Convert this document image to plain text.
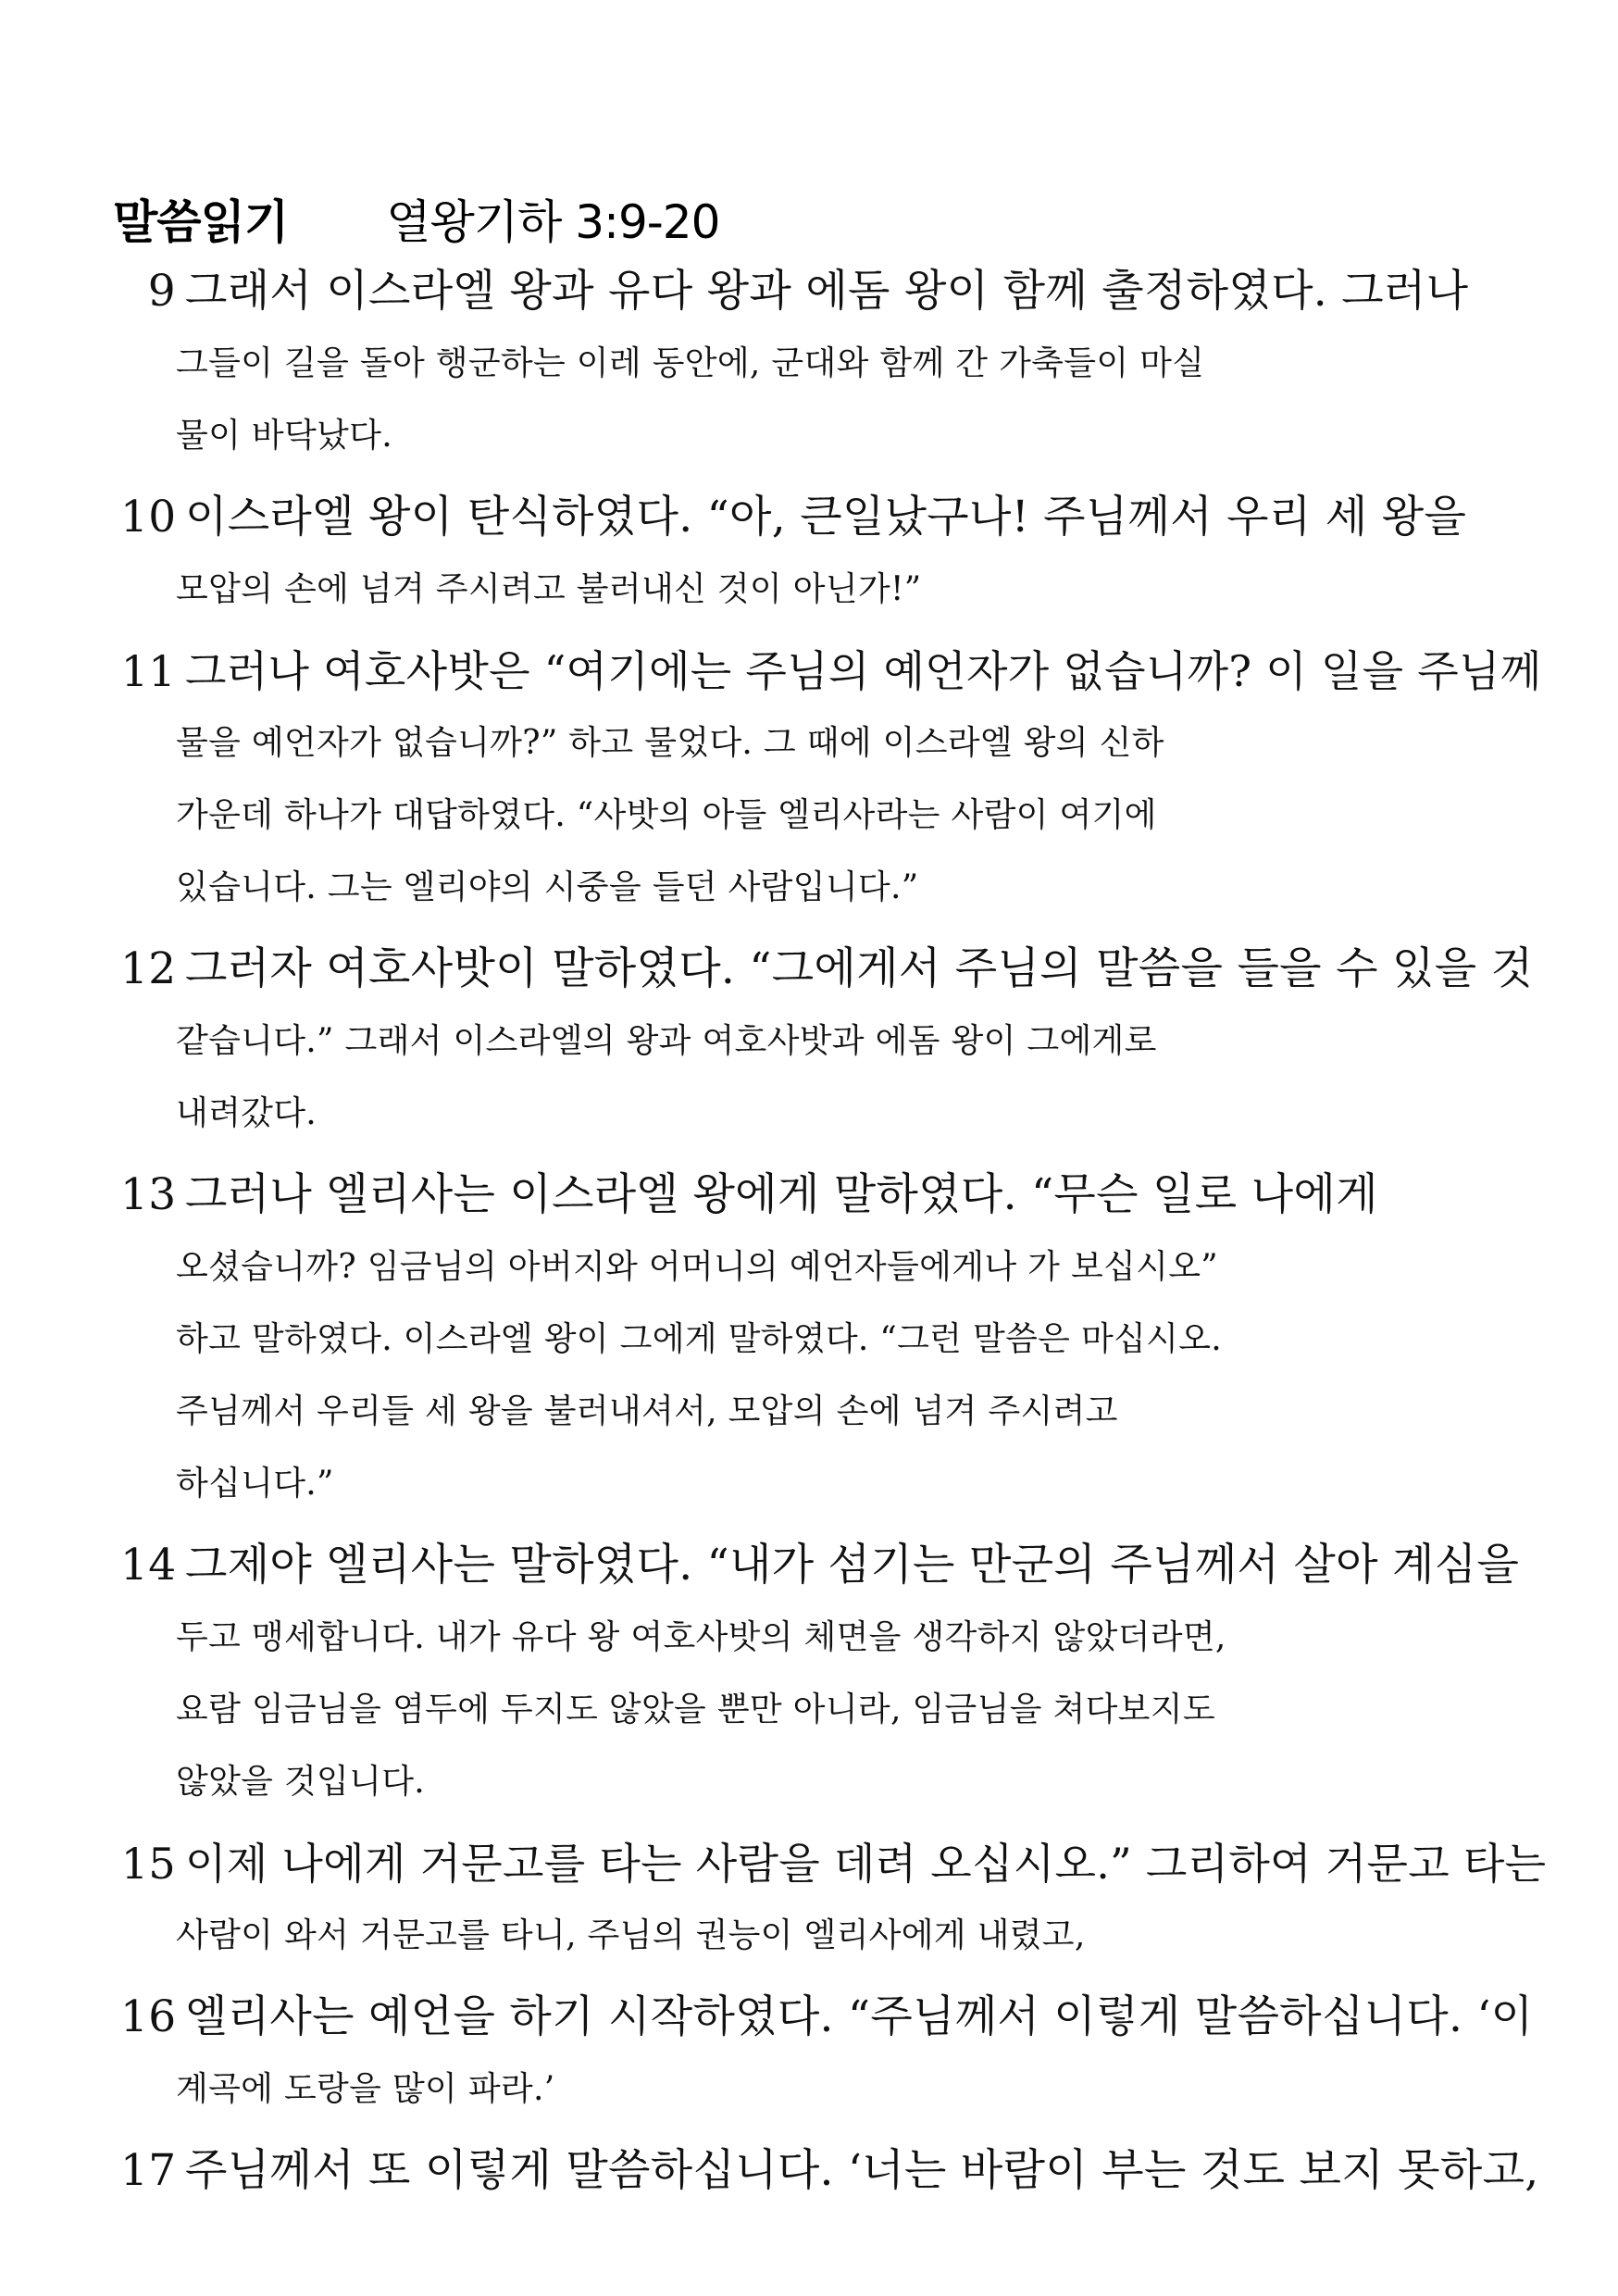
말씀읽기 열왕기하 3:9-20
9 그래서 이스라엘 왕과 유다 왕과 에돔 왕이 함께 출정하였다. 그러나
그들이 길을 돌아 행군하는 이레 동안에, 군대와 함께 간 가축들이 마실
물이 바닥났다.
10 이스라엘 왕이 탄식하였다. “아, 큰일났구나! 주님께서 우리 세 왕을
모압의 손에 넘겨 주시려고 불러내신 것이 아닌가!”
11 그러나 여호사밧은 “여기에는 주님의 예언자가 없습니까? 이 일을 주님께
물을 예언자가 없습니까?” 하고 물었다. 그 때에 이스라엘 왕의 신하
가운데 하나가 대답하였다. “사밧의 아들 엘리사라는 사람이 여기에
있습니다. 그는 엘리야의 시중을 들던 사람입니다.”
12 그러자 여호사밧이 말하였다. “그에게서 주님의 말씀을 들을 수 있을 것
같습니다.” 그래서 이스라엘의 왕과 여호사밧과 에돔 왕이 그에게로
내려갔다.
13 그러나 엘리사는 이스라엘 왕에게 말하였다. “무슨 일로 나에게
오셨습니까? 임금님의 아버지와 어머니의 예언자들에게나 가 보십시오”
하고 말하였다. 이스라엘 왕이 그에게 말하였다. “그런 말씀은 마십시오.
주님께서 우리들 세 왕을 불러내셔서, 모압의 손에 넘겨 주시려고
하십니다.”
14 그제야 엘리사는 말하였다. “내가 섬기는 만군의 주님께서 살아 계심을
두고 맹세합니다. 내가 유다 왕 여호사밧의 체면을 생각하지 않았더라면,
요람 임금님을 염두에 두지도 않았을 뿐만 아니라, 임금님을 쳐다보지도
않았을 것입니다.
15 이제 나에게 거문고를 타는 사람을 데려 오십시오.” 그리하여 거문고 타는
사람이 와서 거문고를 타니, 주님의 권능이 엘리사에게 내렸고,
16 엘리사는 예언을 하기 시작하였다. “주님께서 이렇게 말씀하십니다. ‘이
계곡에 도랑을 많이 파라.’
17 주님께서 또 이렇게 말씀하십니다. ‘너는 바람이 부는 것도 보지 못하고,
